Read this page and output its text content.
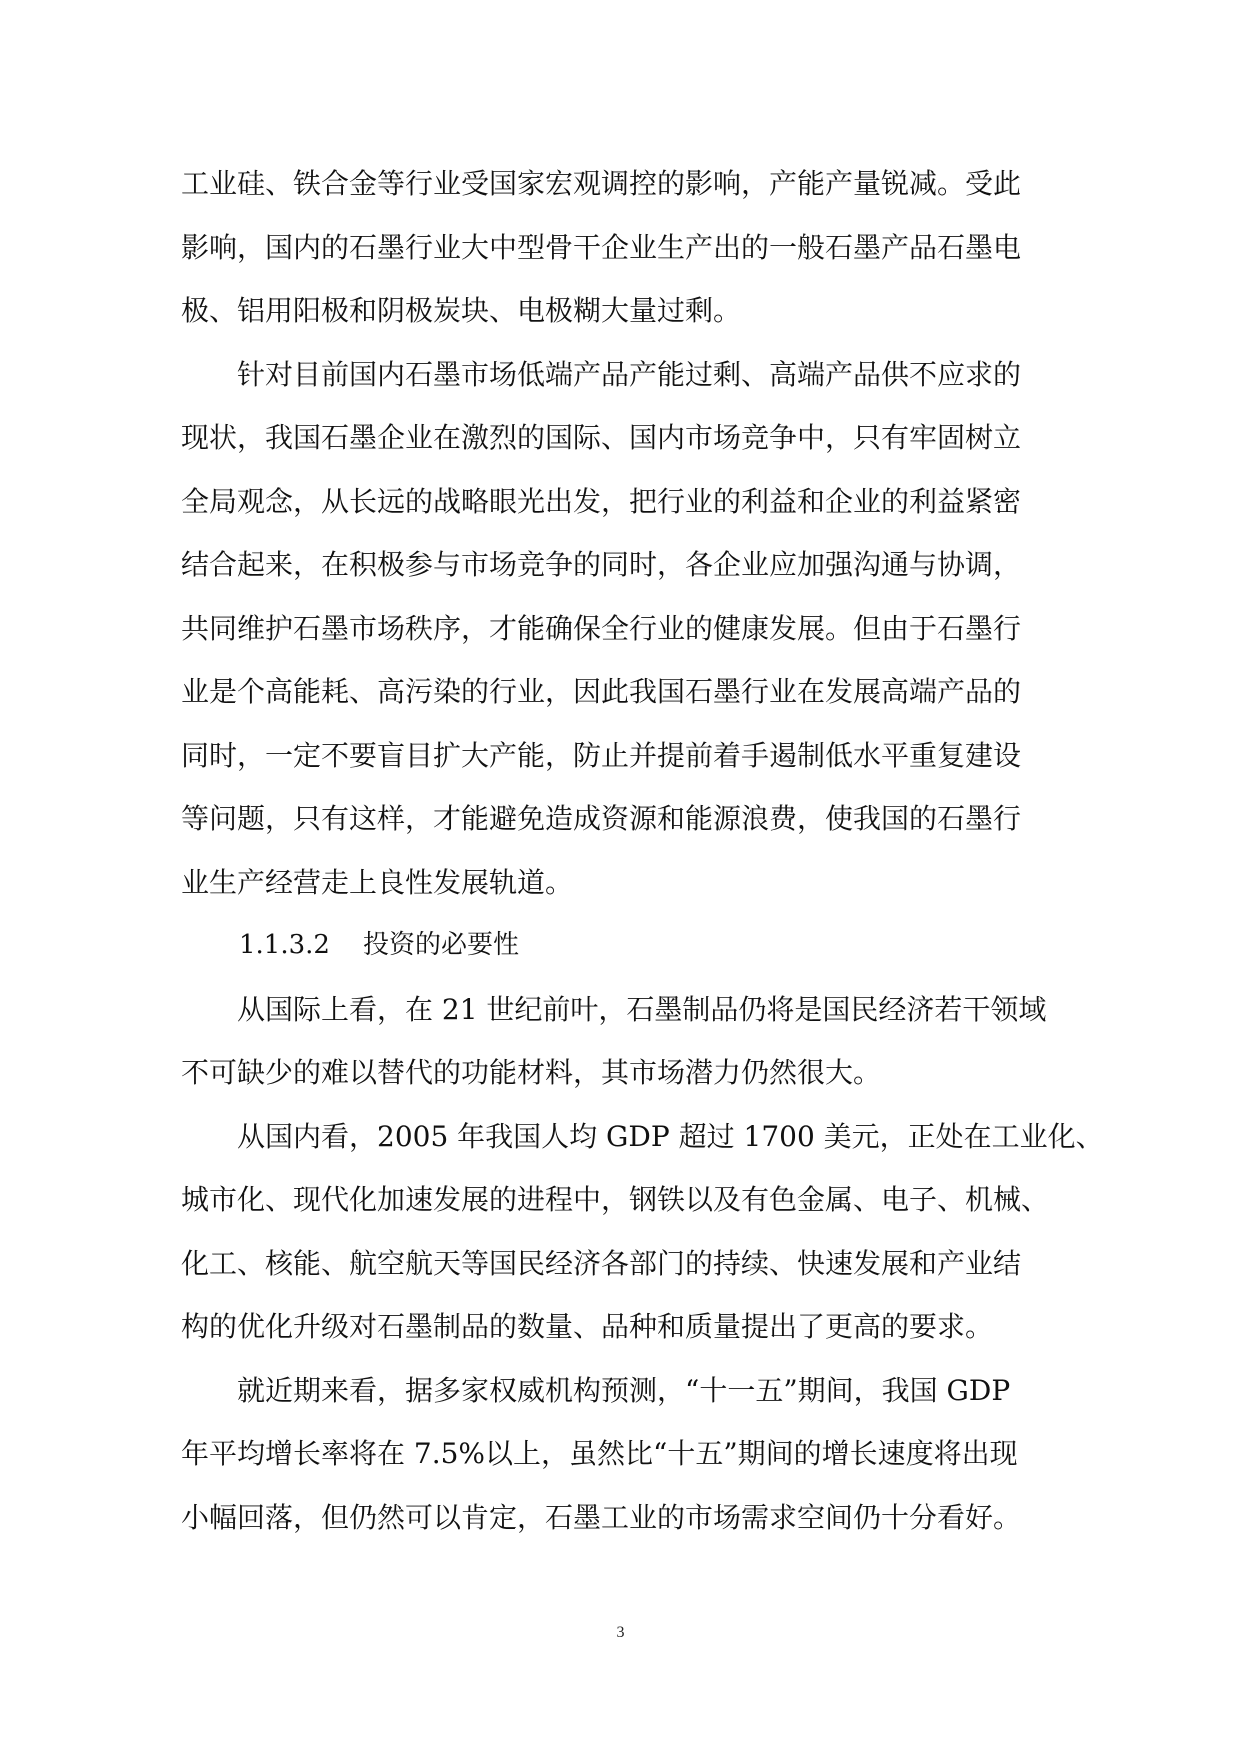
工业硅、铁合金等行业受国家宏观调控的影响，产能产量锐减。受此
影响，国内的石墨行业大中型骨干企业生产出的一般石墨产品石墨电
极、铝用阳极和阴极炭块、电极糊大量过剩。

针对目前国内石墨市场低端产品产能过剩、高端产品供不应求的
现状，我国石墨企业在激烈的国际、国内市场竞争中，只有牢固树立
全局观念，从长远的战略眼光出发，把行业的利益和企业的利益紧密
结合起来，在积极参与市场竞争的同时，各企业应加强沟通与协调，
共同维护石墨市场秩序，才能确保全行业的健康发展。但由于石墨行
业是个高能耗、高污染的行业，因此我国石墨行业在发展高端产品的
同时，一定不要盲目扩大产能，防止并提前着手遏制低水平重复建设
等问题，只有这样，才能避免造成资源和能源浪费，使我国的石墨行
业生产经营走上良性发展轨道。

1.1.3.2    投资的必要性

从国际上看，在 21 世纪前叶，石墨制品仍将是国民经济若干领域
不可缺少的难以替代的功能材料，其市场潜力仍然很大。

从国内看，2005 年我国人均 GDP 超过 1700 美元，正处在工业化、
城市化、现代化加速发展的进程中，钢铁以及有色金属、电子、机械、
化工、核能、航空航天等国民经济各部门的持续、快速发展和产业结
构的优化升级对石墨制品的数量、品种和质量提出了更高的要求。

就近期来看，据多家权威机构预测，“十一五”期间，我国 GDP
年平均增长率将在 7.5%以上，虽然比“十五”期间的增长速度将出现
小幅回落，但仍然可以肯定，石墨工业的市场需求空间仍十分看好。

3
